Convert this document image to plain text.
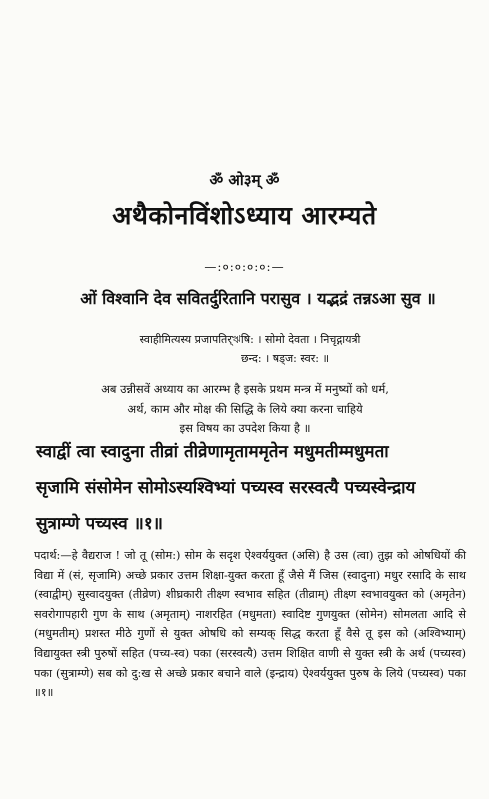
ॐ ओ३म् ॐ
अथैकोनविंशोऽध्याय आरम्यते
—:०:०:०:०:—
ओं विश्वानि देव सवितर्दुरितानि परासुव । यद्भद्रं तन्नऽआ सुव ॥
स्वाहीमित्यस्य प्रजापतिर्ঋषि: । सोमो देवता । निचृद्गायत्री
छन्द: । षड्ज: स्वर: ॥
अब उन्नीसवें अध्याय का आरम्भ है इसके प्रथम मन्त्र में मनुष्यों को धर्म,
अर्थ, काम और मोक्ष की सिद्धि के लिये क्या करना चाहिये
इस विषय का उपदेश किया है ॥
स्वाद्वीं त्वा स्वादुना तीव्रां तीव्रेणामृताममृतेन मधुमतीम्मधुमता
सृजामि संसोमेन सोमोऽस्यश्विभ्यां पच्यस्व सरस्वत्यै पच्यस्वेन्द्राय
सुत्राम्णे पच्यस्व ॥१॥
पदार्थ:—हे वैद्यराज ! जो तू (सोम:) सोम के सदृश ऐश्वर्ययुक्त (असि) है उस (त्वा) तुझ को ओषधियों की विद्या में (सं, सृजामि) अच्छे प्रकार उत्तम शिक्षा-युक्त करता हूँ जैसे मैं जिस (स्वादुना) मधुर रसादि के साथ (स्वाद्वीम्) सुस्वादयुक्त (तीव्रेण) शीघ्रकारी तीक्ष्ण स्वभाव सहित (तीव्राम्) तीक्ष्ण स्वभावयुक्त को (अमृतेन) सवरोगापहारी गुण के साथ (अमृताम्) नाशरहित (मधुमता) स्वादिष्ट गुणयुक्त (सोमेन) सोमलता आदि से (मधुमतीम्) प्रशस्त मीठे गुणों से युक्त ओषधि को सम्यक् सिद्ध करता हूँ वैसे तू इस को (अश्विभ्याम्) विद्यायुक्त स्त्री पुरुषों सहित (पच्य-स्व) पका (सरस्वत्यै) उत्तम शिक्षित वाणी से युक्त स्त्री के अर्थ (पच्यस्व) पका (सुत्राम्णे) सब को दु:ख से अच्छे प्रकार बचाने वाले (इन्द्राय) ऐश्वर्ययुक्त पुरुष के लिये (पच्यस्व) पका ॥१॥
